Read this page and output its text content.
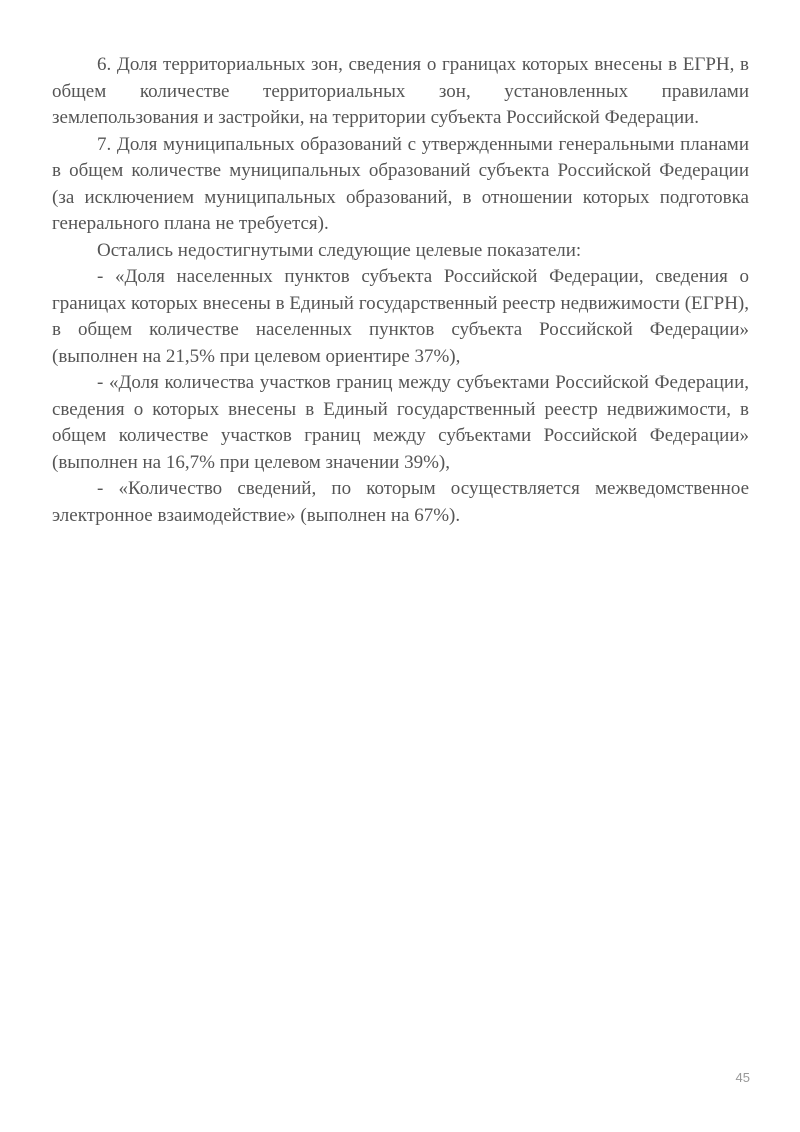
6. Доля территориальных зон, сведения о границах которых внесены в ЕГРН, в общем количестве территориальных зон, установленных правилами землепользования и застройки, на территории субъекта Российской Федерации.

7. Доля муниципальных образований с утвержденными генеральными планами в общем количестве муниципальных образований субъекта Российской Федерации (за исключением муниципальных образований, в отношении которых подготовка генерального плана не требуется).

Остались недостигнутыми следующие целевые показатели:

- «Доля населенных пунктов субъекта Российской Федерации, сведения о границах которых внесены в Единый государственный реестр недвижимости (ЕГРН), в общем количестве населенных пунктов субъекта Российской Федерации» (выполнен на 21,5% при целевом ориентире 37%),

- «Доля количества участков границ между субъектами Российской Федерации, сведения о которых внесены в Единый государственный реестр недвижимости, в общем количестве участков границ между субъектами Российской Федерации» (выполнен на 16,7% при целевом значении 39%),

- «Количество сведений, по которым осуществляется межведомственное электронное взаимодействие» (выполнен на 67%).

45
